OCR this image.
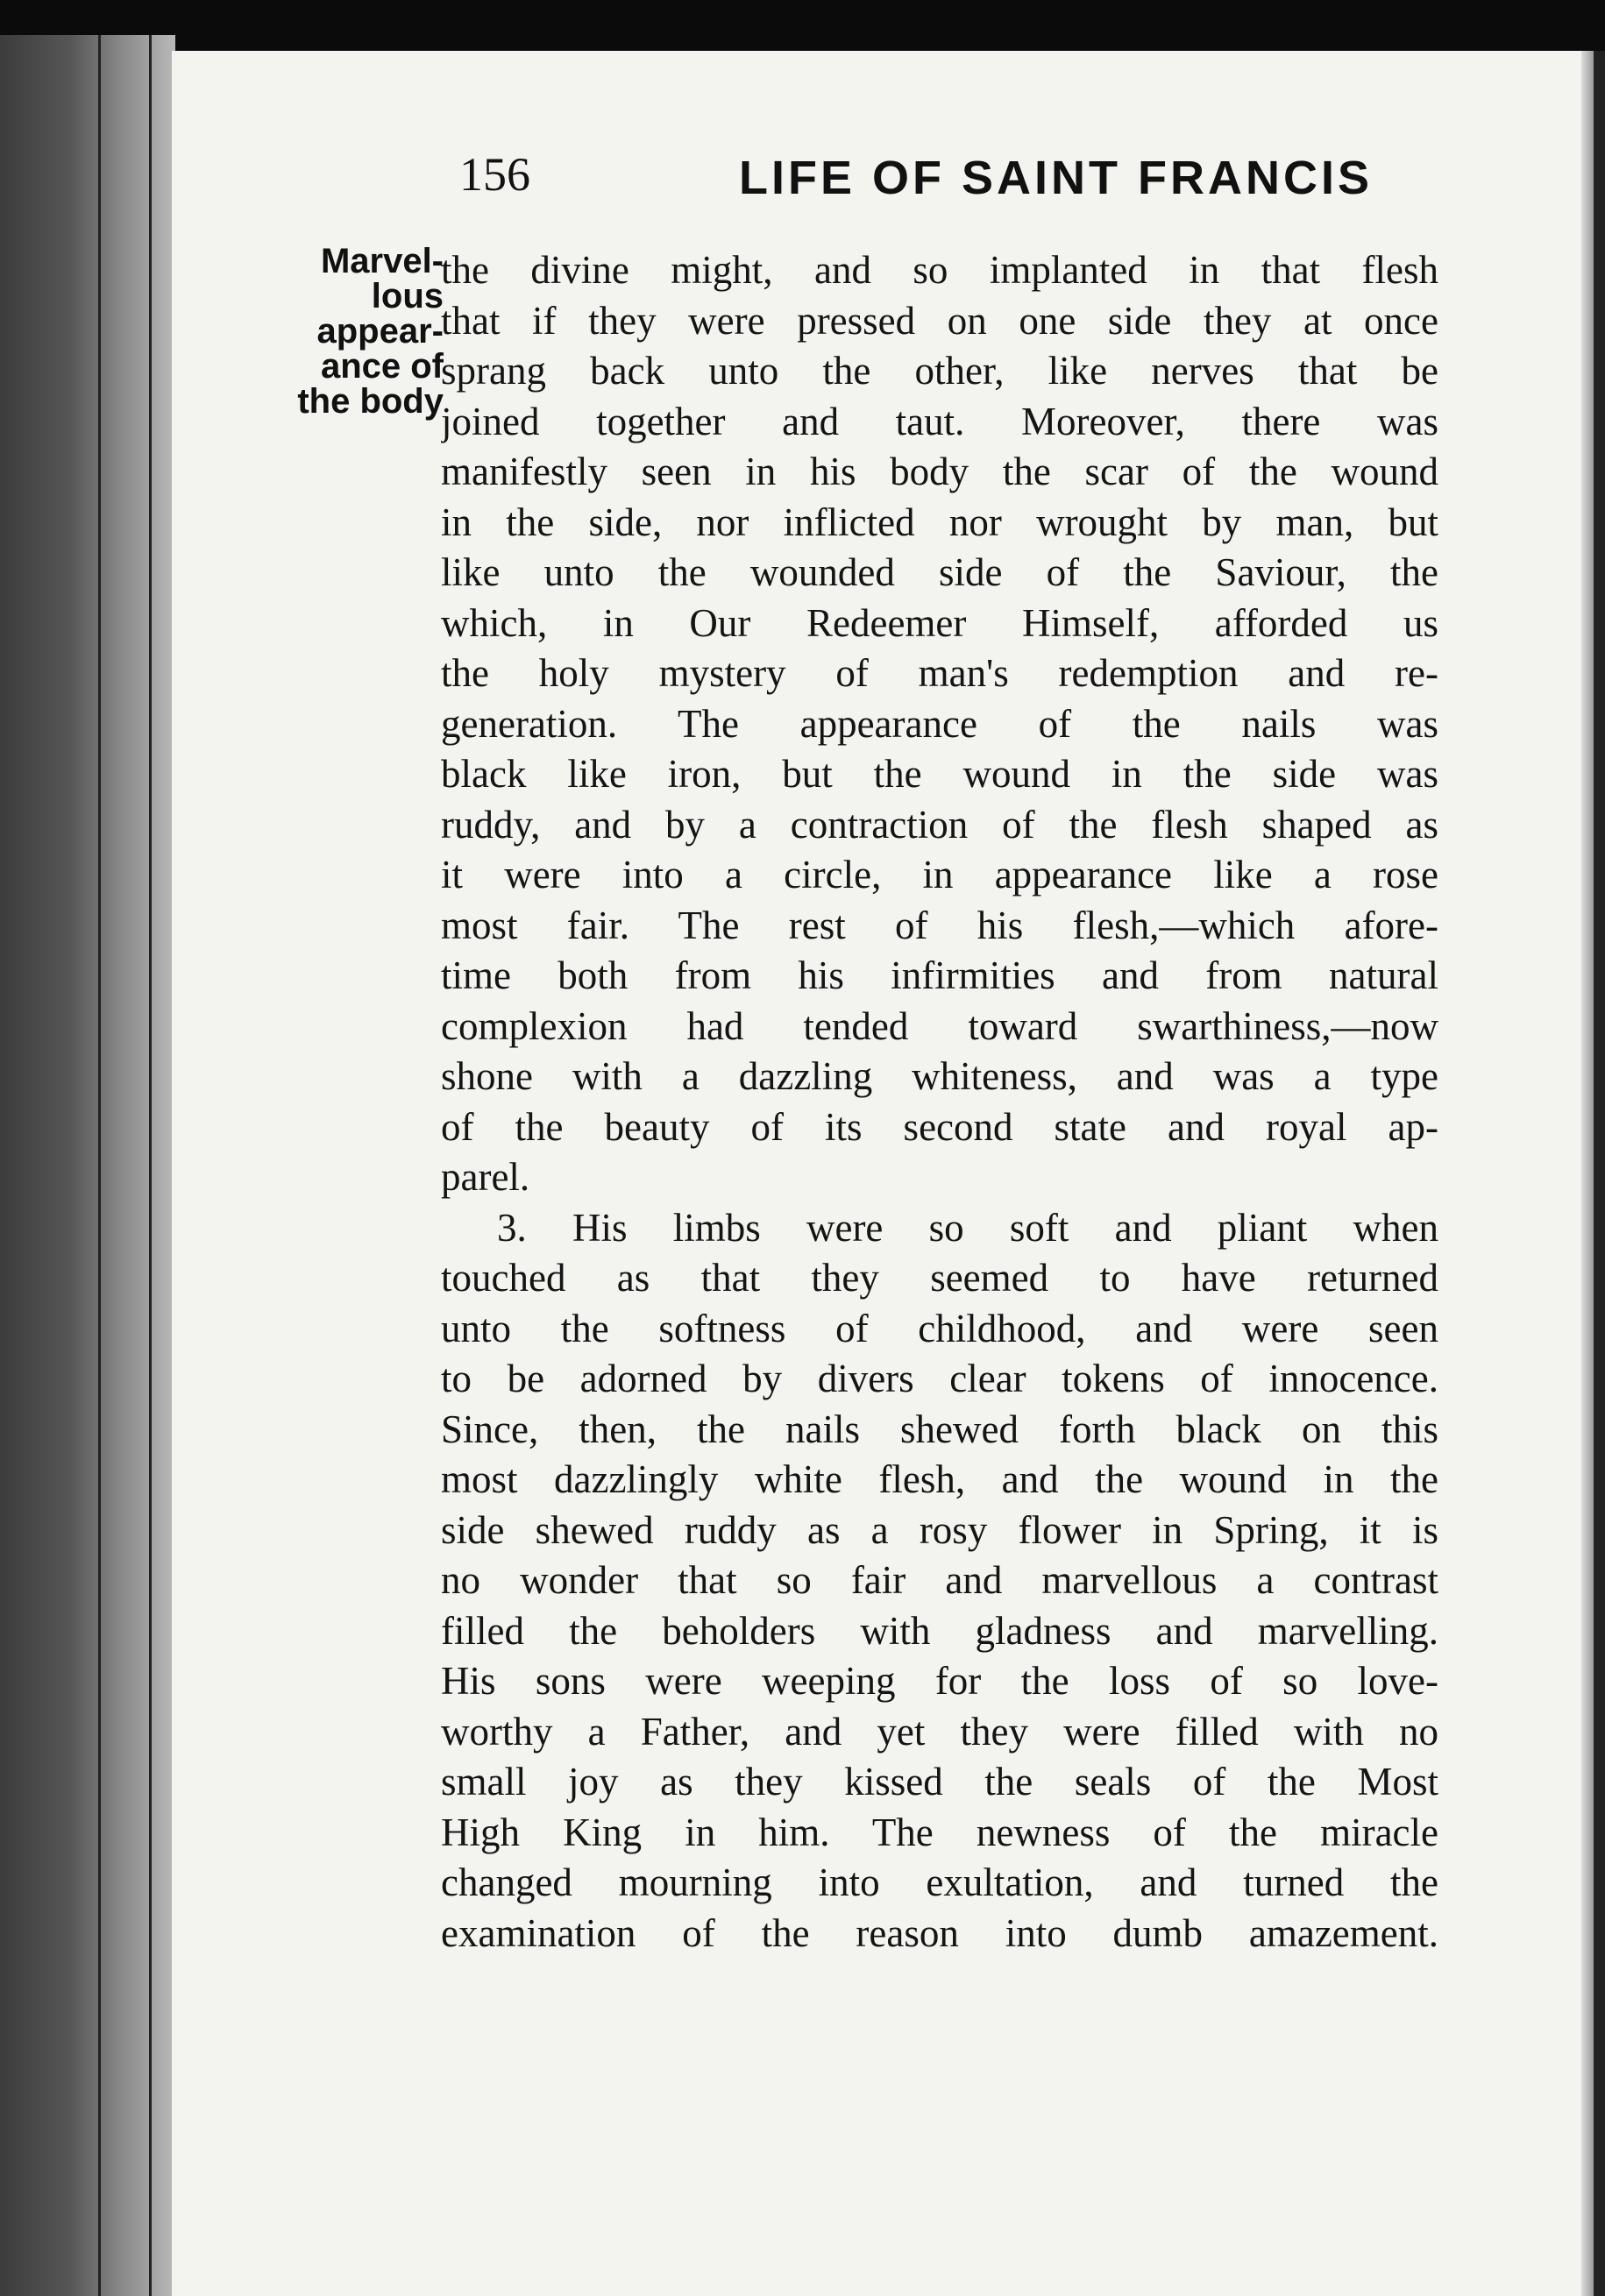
156	LIFE OF SAINT FRANCIS
Marvel-
lous
appear-
ance of
the body
the divine might, and so implanted in that flesh
that if they were pressed on one side they at once
sprang back unto the other, like nerves that be
joined together and taut. Moreover, there was
manifestly seen in his body the scar of the wound
in the side, nor inflicted nor wrought by man, but
like unto the wounded side of the Saviour, the
which, in Our Redeemer Himself, afforded us
the holy mystery of man's redemption and re-
generation. The appearance of the nails was
black like iron, but the wound in the side was
ruddy, and by a contraction of the flesh shaped as
it were into a circle, in appearance like a rose
most fair. The rest of his flesh,—which afore-
time both from his infirmities and from natural
complexion had tended toward swarthiness,—now
shone with a dazzling whiteness, and was a type
of the beauty of its second state and royal ap-
parel.
3. His limbs were so soft and pliant when
touched as that they seemed to have returned
unto the softness of childhood, and were seen
to be adorned by divers clear tokens of innocence.
Since, then, the nails shewed forth black on this
most dazzlingly white flesh, and the wound in the
side shewed ruddy as a rosy flower in Spring, it is
no wonder that so fair and marvellous a contrast
filled the beholders with gladness and marvelling.
His sons were weeping for the loss of so love-
worthy a Father, and yet they were filled with no
small joy as they kissed the seals of the Most
High King in him. The newness of the miracle
changed mourning into exultation, and turned the
examination of the reason into dumb amazement.
